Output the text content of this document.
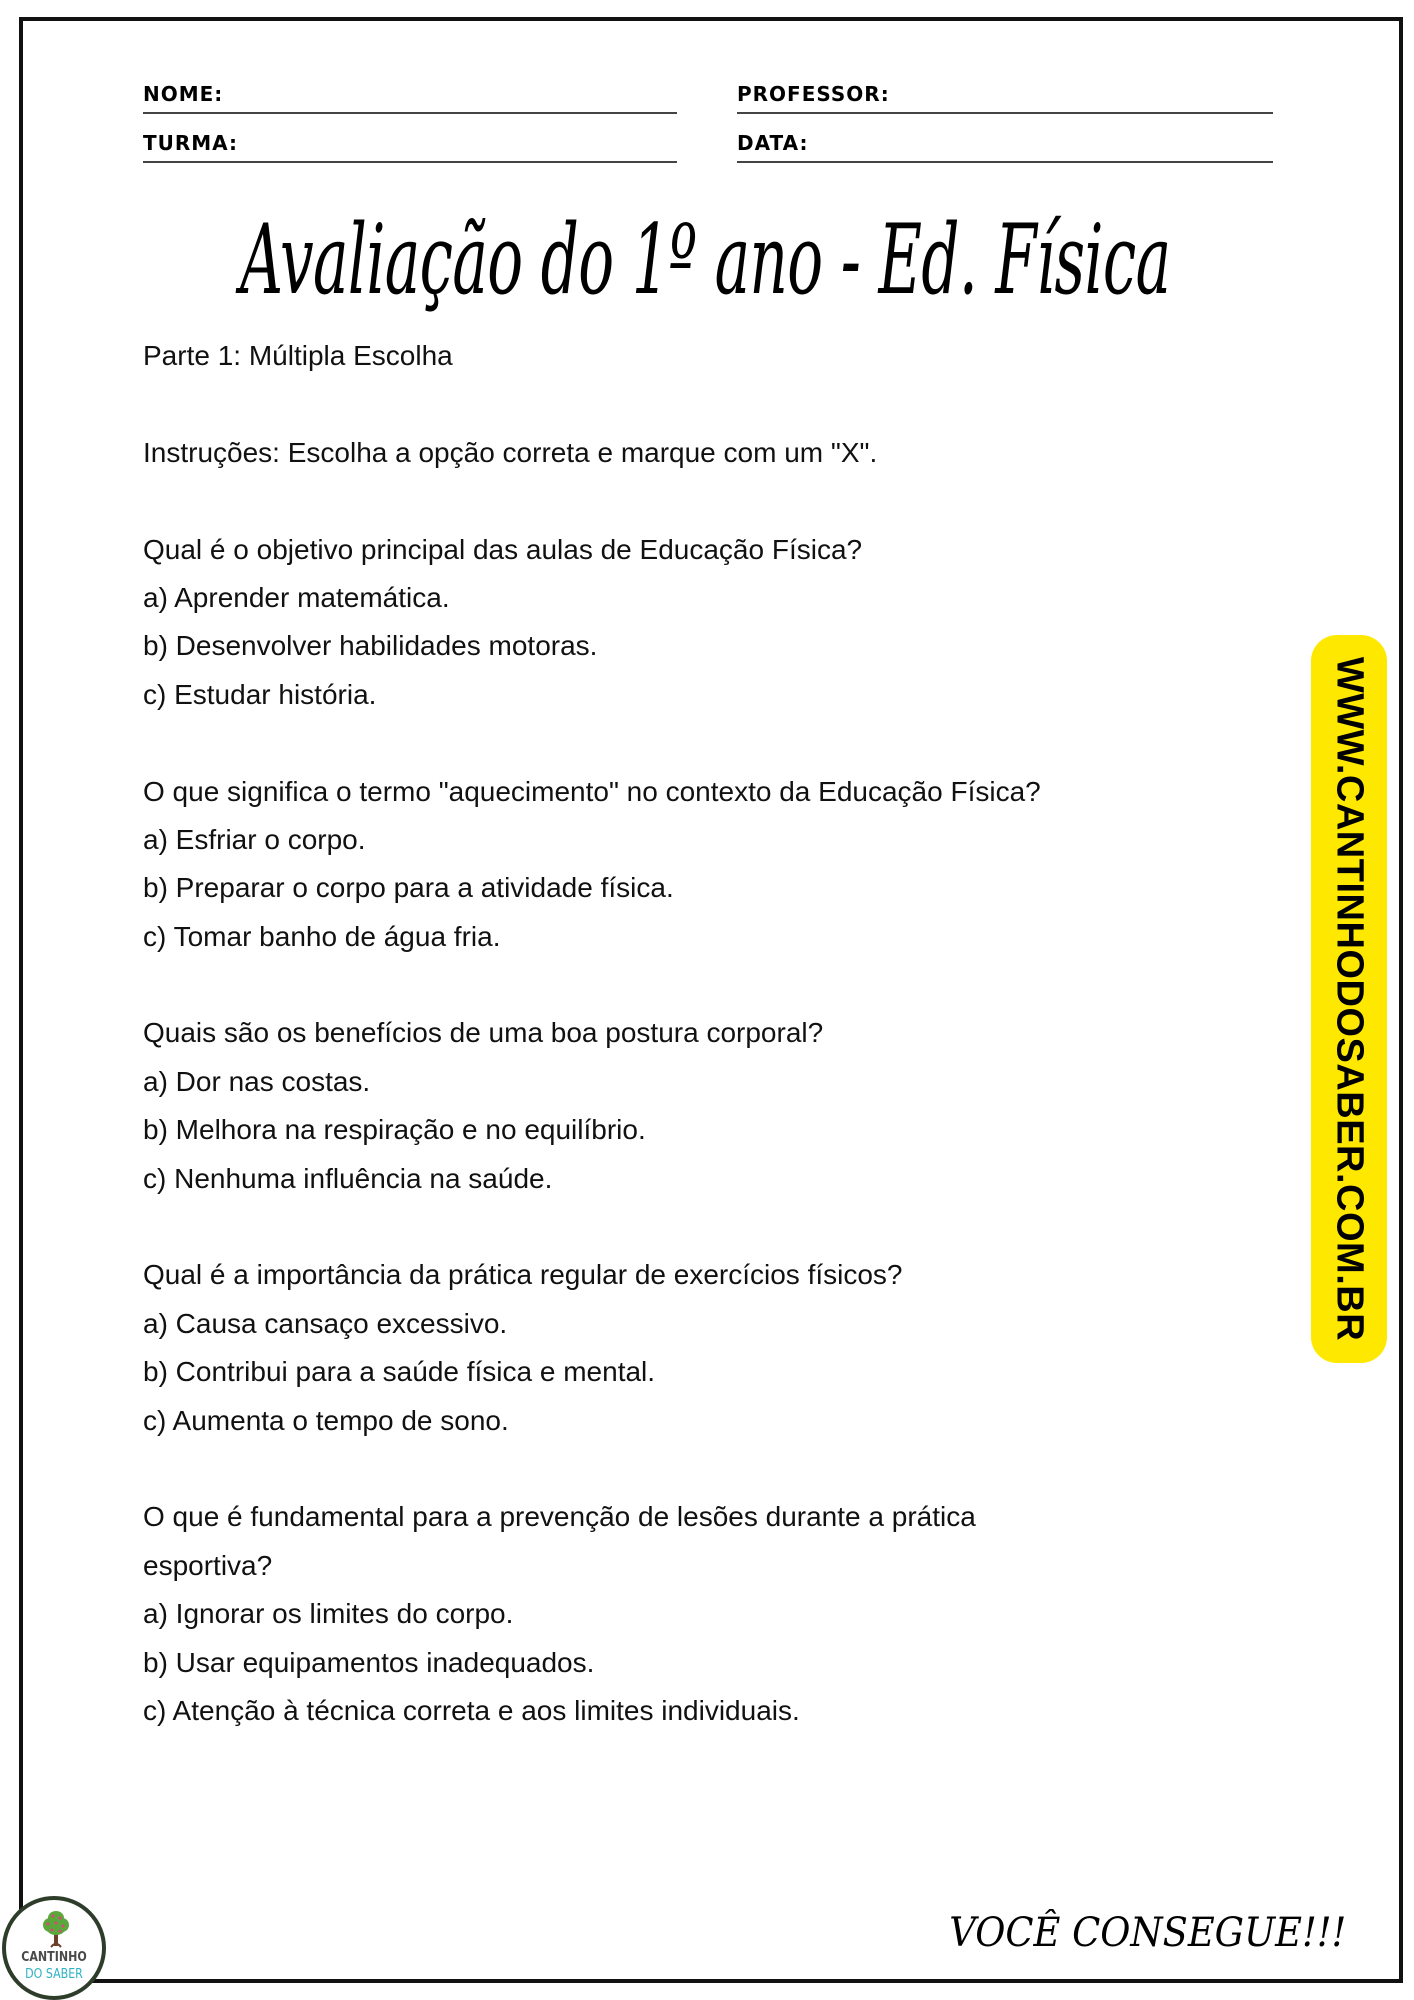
NOME:	PROFESSOR:
TURMA:	DATA:
Avaliação do 1º ano - Ed. Física
Parte 1: Múltipla Escolha
Instruções: Escolha a opção correta e marque com um "X".
Qual é o objetivo principal das aulas de Educação Física?
a) Aprender matemática.
b) Desenvolver habilidades motoras.
c) Estudar história.
O que significa o termo "aquecimento" no contexto da Educação Física?
a) Esfriar o corpo.
b) Preparar o corpo para a atividade física.
c) Tomar banho de água fria.
Quais são os benefícios de uma boa postura corporal?
a) Dor nas costas.
b) Melhora na respiração e no equilíbrio.
c) Nenhuma influência na saúde.
Qual é a importância da prática regular de exercícios físicos?
a) Causa cansaço excessivo.
b) Contribui para a saúde física e mental.
c) Aumenta o tempo de sono.
O que é fundamental para a prevenção de lesões durante a prática
esportiva?
a) Ignorar os limites do corpo.
b) Usar equipamentos inadequados.
c) Atenção à técnica correta e aos limites individuais.
WWW.CANTINHODOSABER.COM.BR
VOCÊ CONSEGUE!!!
CANTINHO
DO SABER
